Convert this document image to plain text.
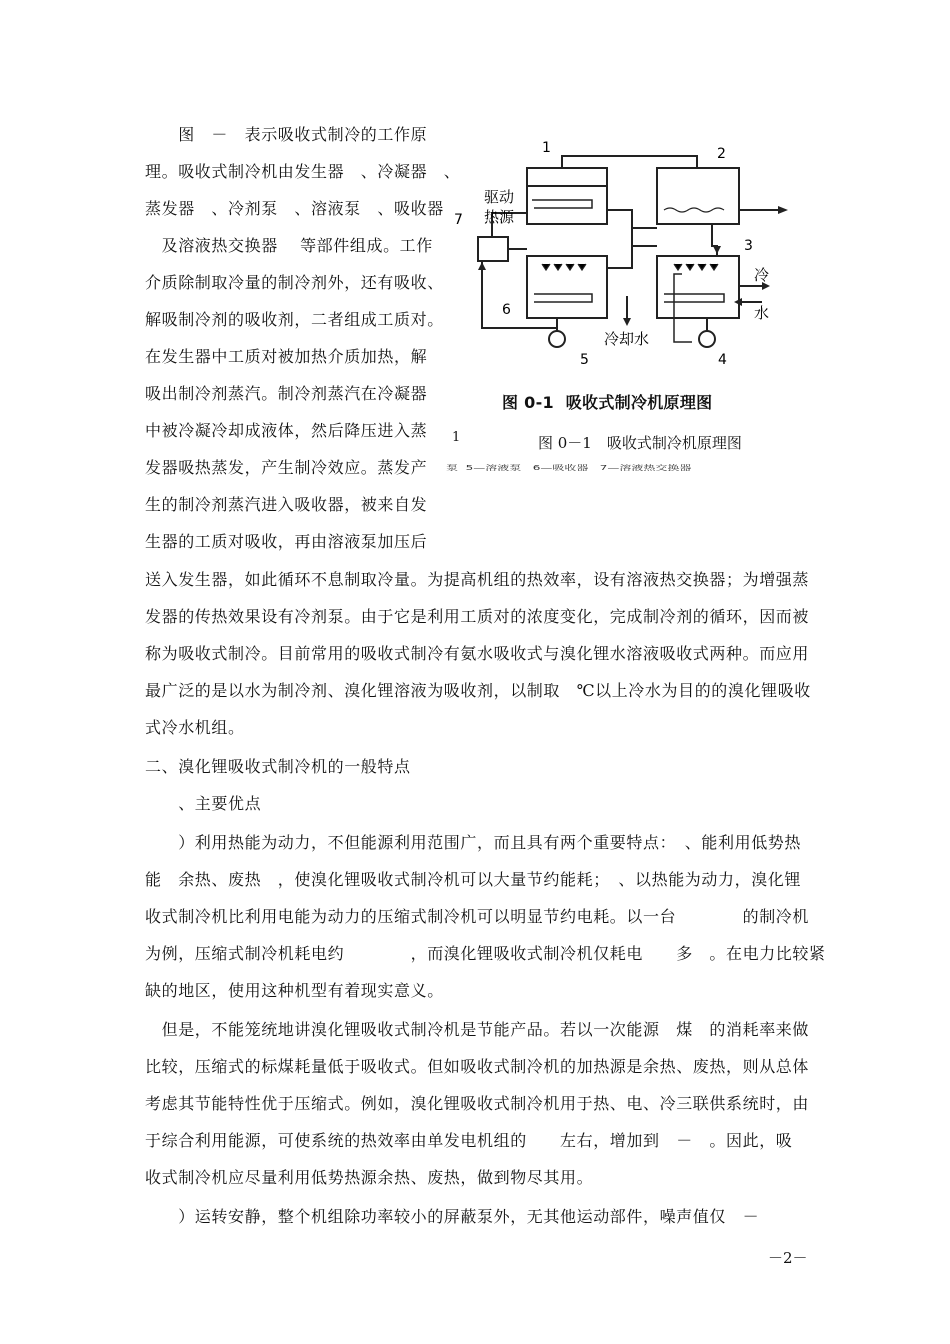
　　图　－　表示吸收式制冷的工作原
理。吸收式制冷机由发生器　、冷凝器　、
蒸发器　、冷剂泵　、溶液泵　、吸收器
　及溶液热交换器　 等部件组成。工作
介质除制取冷量的制冷剂外，还有吸收、
解吸制冷剂的吸收剂，二者组成工质对。
在发生器中工质对被加热介质加热，解
吸出制冷剂蒸汽。制冷剂蒸汽在冷凝器
中被冷凝冷却成液体，然后降压进入蒸
发器吸热蒸发，产生制冷效应。蒸发产
生的制冷剂蒸汽进入吸收器，被来自发
生器的工质对吸收，再由溶液泵加压后
1	2
3
4
5
6
7
驱动
热源
冷却水
冷
水
图 0-1  吸收式制冷机原理图
1	图 0－1　吸收式制冷机原理图
泵  5—溶液泵   6—吸收器   7—溶液热交换器
送入发生器，如此循环不息制取冷量。为提高机组的热效率，设有溶液热交换器；为增强蒸
发器的传热效果设有冷剂泵。由于它是利用工质对的浓度变化，完成制冷剂的循环，因而被
称为吸收式制冷。目前常用的吸收式制冷有氨水吸收式与溴化锂水溶液吸收式两种。而应用
最广泛的是以水为制冷剂、溴化锂溶液为吸收剂，以制取　℃以上冷水为目的的溴化锂吸收
式冷水机组。
二、溴化锂吸收式制冷机的一般特点
　　、主要优点
　　）利用热能为动力，不但能源利用范围广，而且具有两个重要特点：　、能利用低势热
能　余热、废热　，使溴化锂吸收式制冷机可以大量节约能耗；　、以热能为动力，溴化锂
收式制冷机比利用电能为动力的压缩式制冷机可以明显节约电耗。以一台　　　　的制冷机
为例，压缩式制冷机耗电约　　　　，而溴化锂吸收式制冷机仅耗电　　多　。在电力比较紧
缺的地区，使用这种机型有着现实意义。
　但是，不能笼统地讲溴化锂吸收式制冷机是节能产品。若以一次能源　煤　的消耗率来做
比较，压缩式的标煤耗量低于吸收式。但如吸收式制冷机的加热源是余热、废热，则从总体
考虑其节能特性优于压缩式。例如，溴化锂吸收式制冷机用于热、电、冷三联供系统时，由
于综合利用能源，可使系统的热效率由单发电机组的　　左右，增加到　－　。因此，吸
收式制冷机应尽量利用低势热源余热、废热，做到物尽其用。
　　）运转安静，整个机组除功率较小的屏蔽泵外，无其他运动部件，噪声值仅　－
－2－
